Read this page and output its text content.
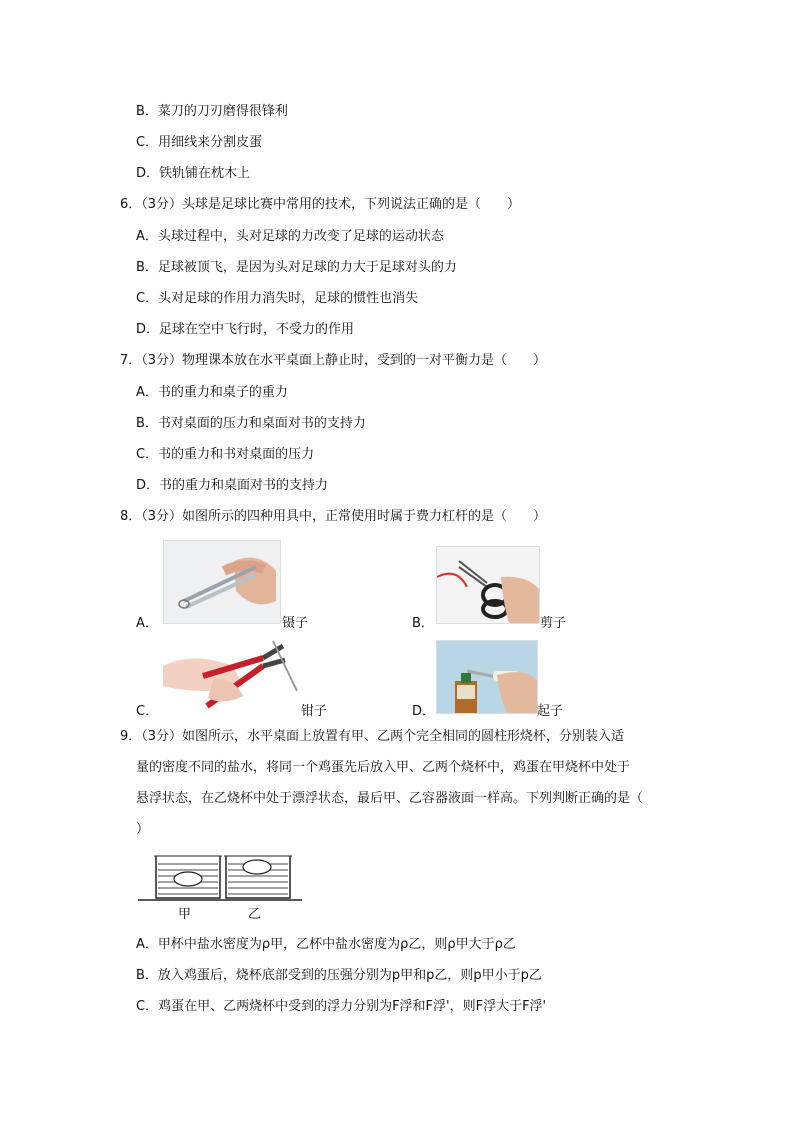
B．菜刀的刀刃磨得很锋利
C．用细线来分割皮蛋
D．铁轨铺在枕木上
6．（3分）头球是足球比赛中常用的技术，下列说法正确的是（　　）
A．头球过程中，头对足球的力改变了足球的运动状态
B．足球被顶飞，是因为头对足球的力大于足球对头的力
C．头对足球的作用力消失时，足球的惯性也消失
D．足球在空中飞行时，不受力的作用
7．（3分）物理课本放在水平桌面上静止时，受到的一对平衡力是（　　）
A．书的重力和桌子的重力
B．书对桌面的压力和桌面对书的支持力
C．书的重力和书对桌面的压力
D．书的重力和桌面对书的支持力
8．（3分）如图所示的四种用具中，正常使用时属于费力杠杆的是（　　）
A．	镊子	B．	剪子
C．	钳子	D．	起子
9．（3分）如图所示，水平桌面上放置有甲、乙两个完全相同的圆柱形烧杯，分别装入适
量的密度不同的盐水，将同一个鸡蛋先后放入甲、乙两个烧杯中，鸡蛋在甲烧杯中处于
悬浮状态，在乙烧杯中处于漂浮状态，最后甲、乙容器液面一样高。下列判断正确的是（
）
甲	乙
A．甲杯中盐水密度为ρ甲，乙杯中盐水密度为ρ乙，则ρ甲大于ρ乙
B．放入鸡蛋后，烧杯底部受到的压强分别为p甲和p乙，则p甲小于p乙
C．鸡蛋在甲、乙两烧杯中受到的浮力分别为F浮和F浮'，则F浮大于F浮'
